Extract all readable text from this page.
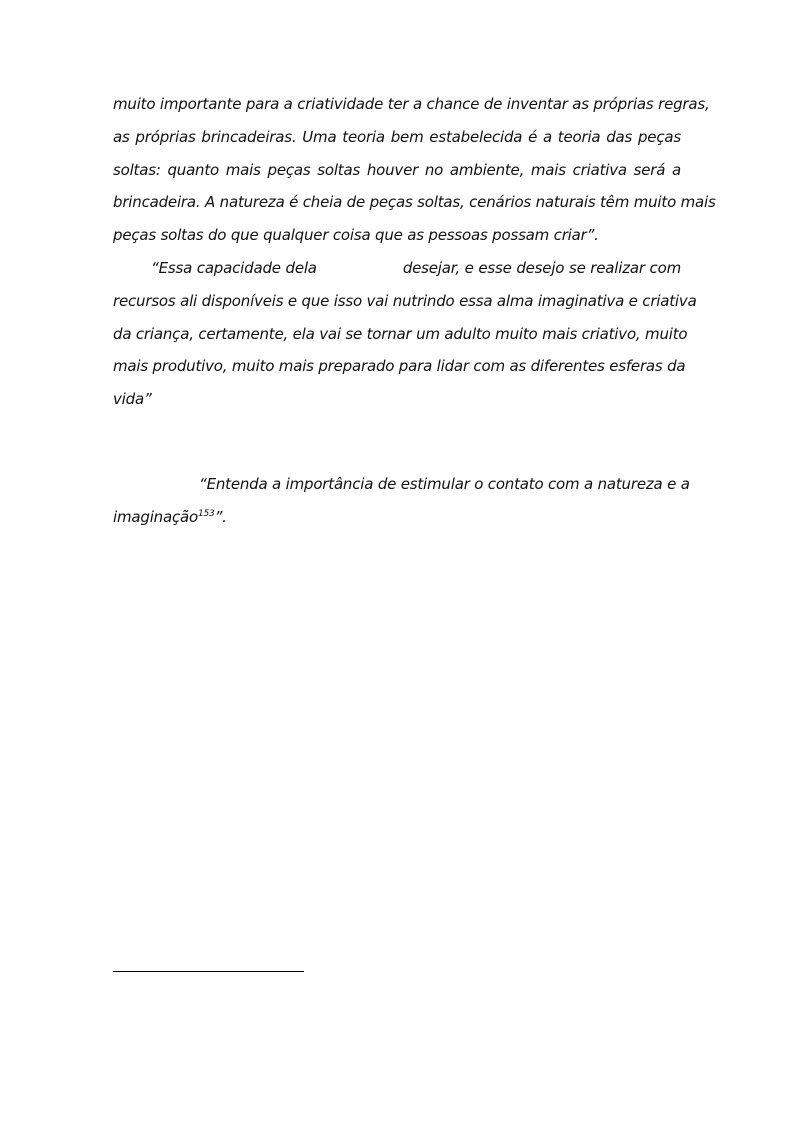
muito importante para a criatividade ter a chance de inventar as próprias regras,
as próprias brincadeiras. Uma teoria bem estabelecida é a teoria das peças
soltas: quanto mais peças soltas houver no ambiente, mais criativa será a
brincadeira. A natureza é cheia de peças soltas, cenários naturais têm muito mais
peças soltas do que qualquer coisa que as pessoas possam criar”.
“Essa capacidade dela	desejar, e esse desejo se realizar com
recursos ali disponíveis e que isso vai nutrindo essa alma imaginativa e criativa
da criança, certamente, ela vai se tornar um adulto muito mais criativo, muito
mais produtivo, muito mais preparado para lidar com as diferentes esferas da
vida”
“Entenda a importância de estimular o contato com a natureza e a
imaginação$^{153}$”.
